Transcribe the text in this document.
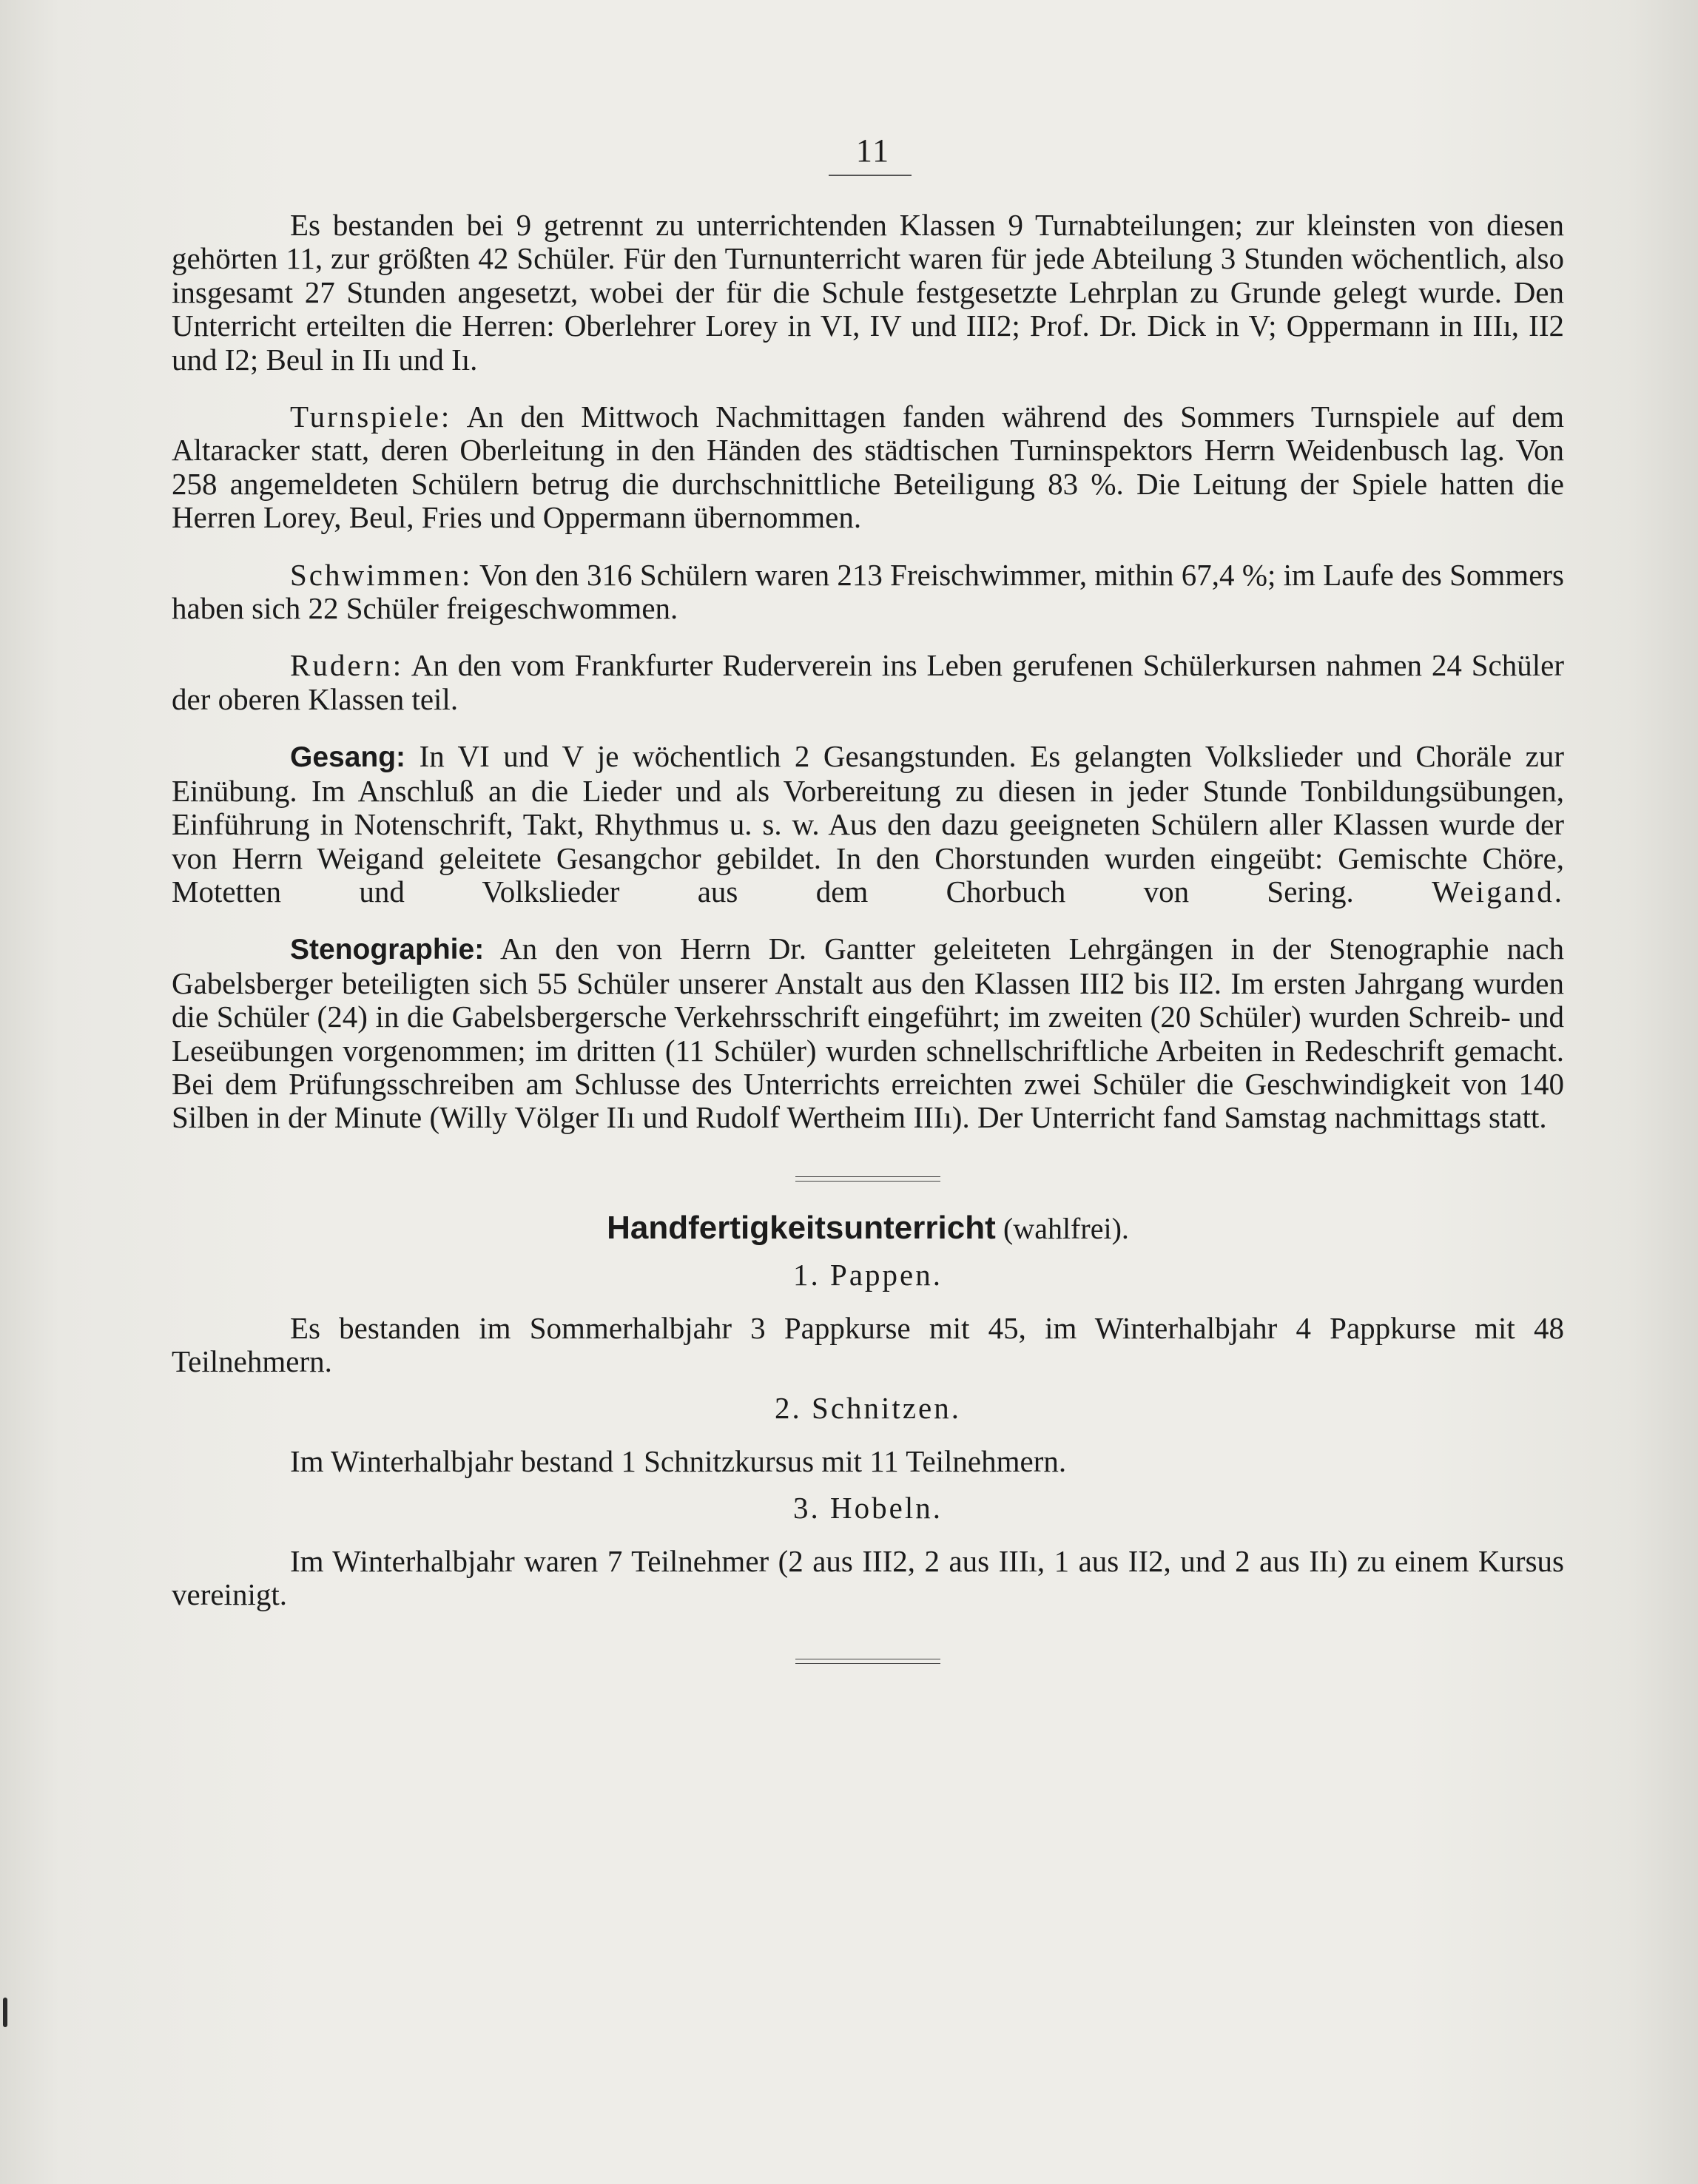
11

Es bestanden bei 9 getrennt zu unterrichtenden Klassen 9 Turnabteilungen; zur kleinsten von diesen gehörten 11, zur größten 42 Schüler. Für den Turnunterricht waren für jede Abteilung 3 Stunden wöchentlich, also insgesamt 27 Stunden angesetzt, wobei der für die Schule festgesetzte Lehrplan zu Grunde gelegt wurde. Den Unterricht erteilten die Herren: Oberlehrer Lorey in VI, IV und III2; Prof. Dr. Dick in V; Oppermann in IIIı, II2 und I2; Beul in IIı und Iı.

Turnspiele: An den Mittwoch Nachmittagen fanden während des Sommers Turnspiele auf dem Altaracker statt, deren Oberleitung in den Händen des städtischen Turninspektors Herrn Weidenbusch lag. Von 258 angemeldeten Schülern betrug die durchschnittliche Beteiligung 83 %. Die Leitung der Spiele hatten die Herren Lorey, Beul, Fries und Oppermann übernommen.

Schwimmen: Von den 316 Schülern waren 213 Freischwimmer, mithin 67,4 %; im Laufe des Sommers haben sich 22 Schüler freigeschwommen.

Rudern: An den vom Frankfurter Ruderverein ins Leben gerufenen Schülerkursen nahmen 24 Schüler der oberen Klassen teil.

Gesang: In VI und V je wöchentlich 2 Gesangstunden. Es gelangten Volkslieder und Choräle zur Einübung. Im Anschluß an die Lieder und als Vorbereitung zu diesen in jeder Stunde Tonbildungsübungen, Einführung in Notenschrift, Takt, Rhythmus u. s. w. Aus den dazu geeigneten Schülern aller Klassen wurde der von Herrn Weigand geleitete Gesangchor gebildet. In den Chorstunden wurden eingeübt: Gemischte Chöre, Motetten und Volkslieder aus dem Chorbuch von Sering.	Weigand.

Stenographie: An den von Herrn Dr. Gantter geleiteten Lehrgängen in der Stenographie nach Gabelsberger beteiligten sich 55 Schüler unserer Anstalt aus den Klassen III2 bis II2. Im ersten Jahrgang wurden die Schüler (24) in die Gabelsbergersche Verkehrsschrift eingeführt; im zweiten (20 Schüler) wurden Schreib- und Leseübungen vorgenommen; im dritten (11 Schüler) wurden schnellschriftliche Arbeiten in Redeschrift gemacht. Bei dem Prüfungsschreiben am Schlusse des Unterrichts erreichten zwei Schüler die Geschwindigkeit von 140 Silben in der Minute (Willy Völger IIı und Rudolf Wertheim IIIı). Der Unterricht fand Samstag nachmittags statt.

Handfertigkeitsunterricht (wahlfrei).

1. Pappen.

Es bestanden im Sommerhalbjahr 3 Pappkurse mit 45, im Winterhalbjahr 4 Pappkurse mit 48 Teilnehmern.

2. Schnitzen.

Im Winterhalbjahr bestand 1 Schnitzkursus mit 11 Teilnehmern.

3. Hobeln.

Im Winterhalbjahr waren 7 Teilnehmer (2 aus III2, 2 aus IIIı, 1 aus II2, und 2 aus IIı) zu einem Kursus vereinigt.
